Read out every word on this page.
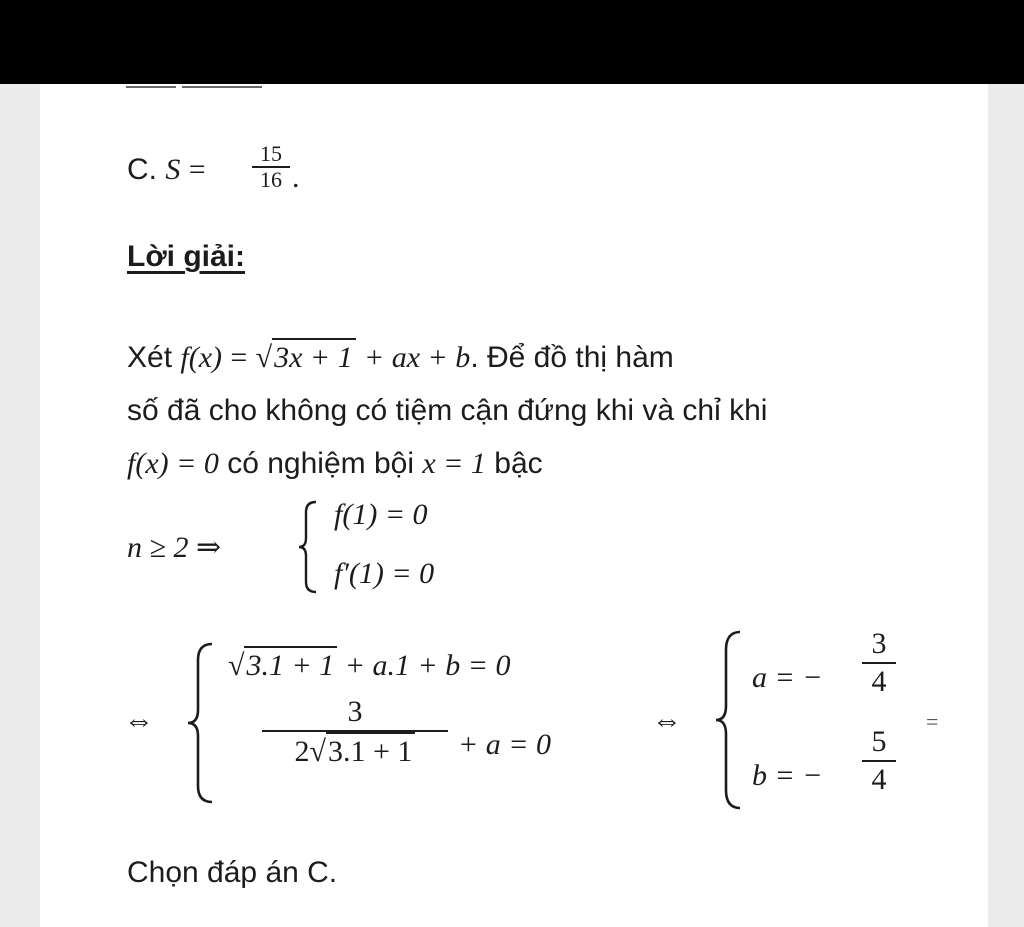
C. S =	15
16 .
Lời giải:
Xét f(x) = √3x + 1 + ax + b. Để đồ thị hàm
số đã cho không có tiệm cận đứng khi và chỉ khi
f(x) = 0 có nghiệm bội x = 1 bậc
n ≥ 2 ⇒
f(1) = 0
f′(1) = 0
⇔
√3.1 + 1 + a.1 + b = 0
3
2√3.1 + 1	+ a = 0
⇔
a = −
3
4
b = −
5
4
=
Chọn đáp án C.
